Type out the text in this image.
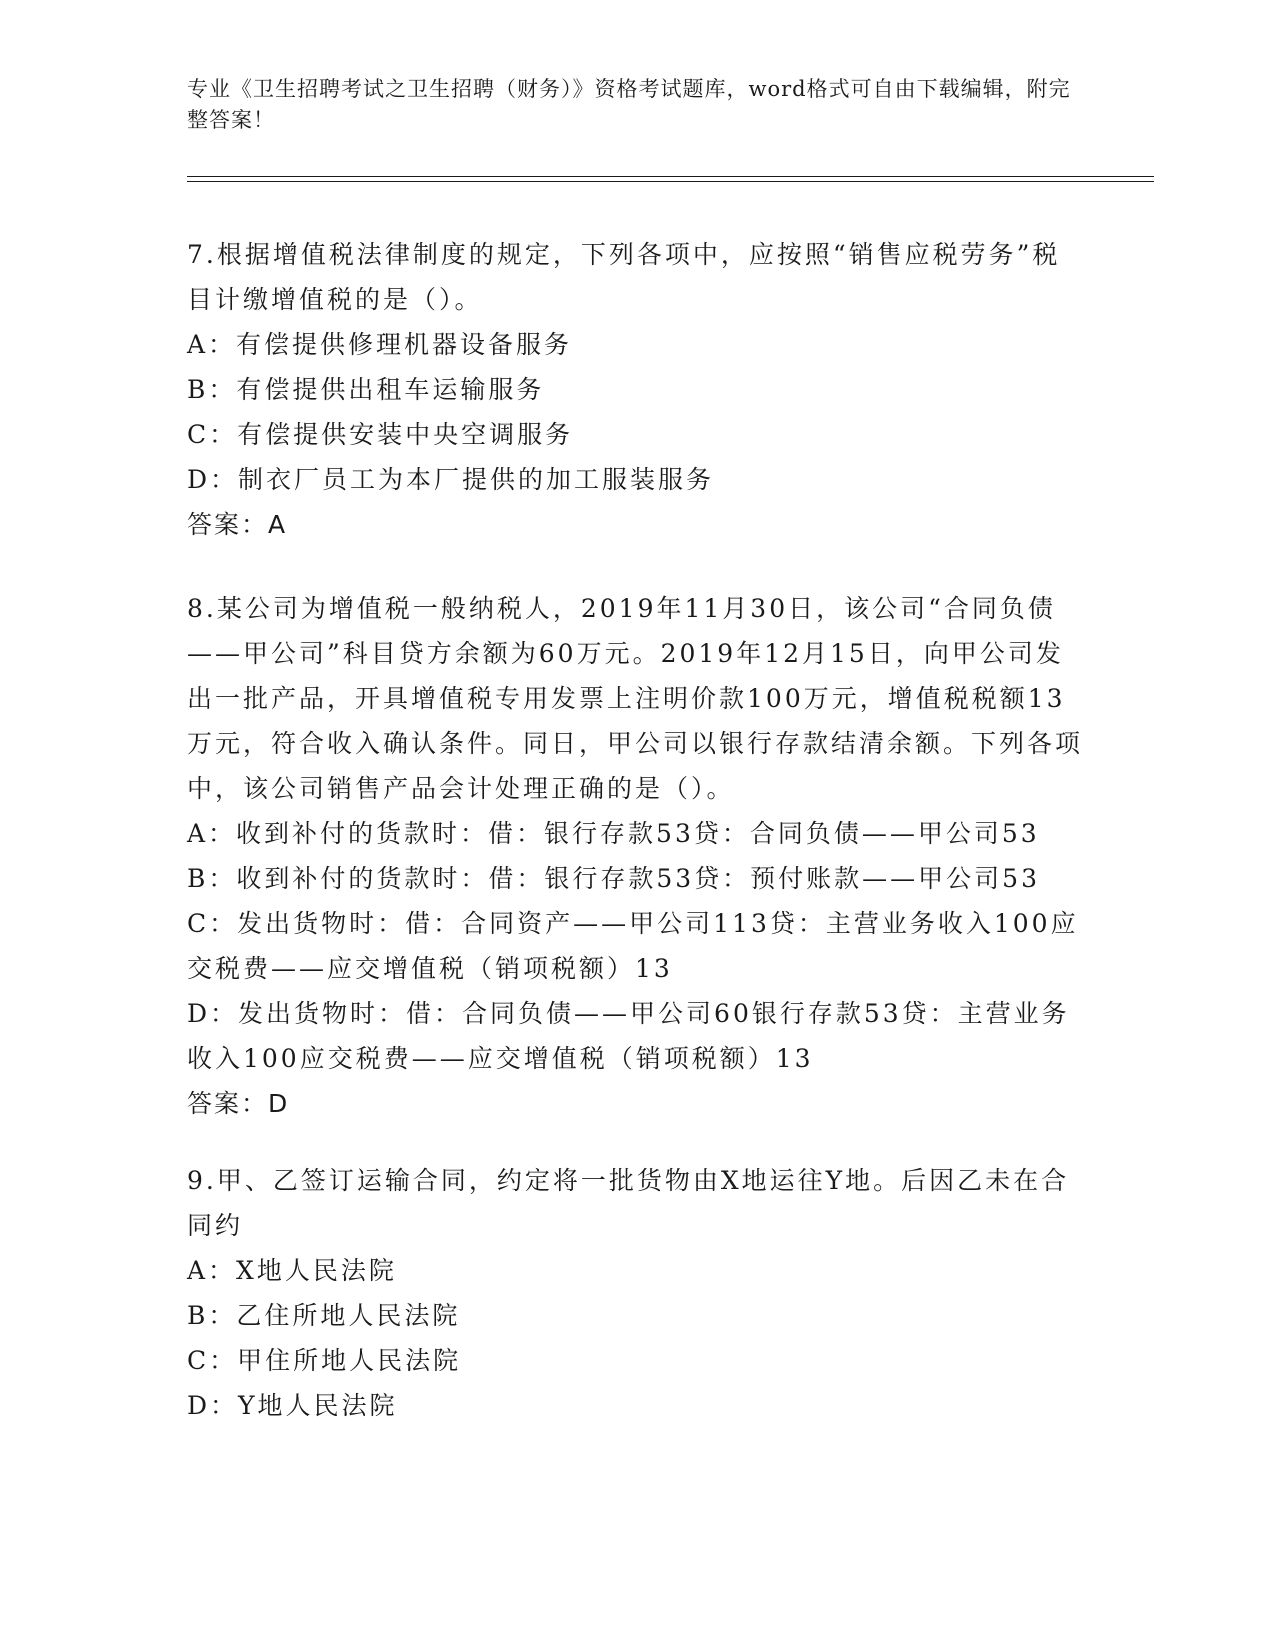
专业《卫生招聘考试之卫生招聘（财务）》资格考试题库，word格式可自由下载编辑，附完整答案！
7.根据增值税法律制度的规定，下列各项中，应按照“销售应税劳务”税目计缴增值税的是（）。
A：有偿提供修理机器设备服务
B：有偿提供出租车运输服务
C：有偿提供安装中央空调服务
D：制衣厂员工为本厂提供的加工服装服务
答案：A
8.某公司为增值税一般纳税人，2019年11月30日，该公司“合同负债——甲公司”科目贷方余额为60万元。2019年12月15日，向甲公司发出一批产品，开具增值税专用发票上注明价款100万元，增值税税额13万元，符合收入确认条件。同日，甲公司以银行存款结清余额。下列各项中，该公司销售产品会计处理正确的是（）。
A：收到补付的货款时：借：银行存款53贷：合同负债——甲公司53
B：收到补付的货款时：借：银行存款53贷：预付账款——甲公司53
C：发出货物时：借：合同资产——甲公司113贷：主营业务收入100应交税费——应交增值税（销项税额）13
D：发出货物时：借：合同负债——甲公司60银行存款53贷：主营业务收入100应交税费——应交增值税（销项税额）13
答案：D
9.甲、乙签订运输合同，约定将一批货物由X地运往Y地。后因乙未在合同约
A：X地人民法院
B：乙住所地人民法院
C：甲住所地人民法院
D：Y地人民法院
